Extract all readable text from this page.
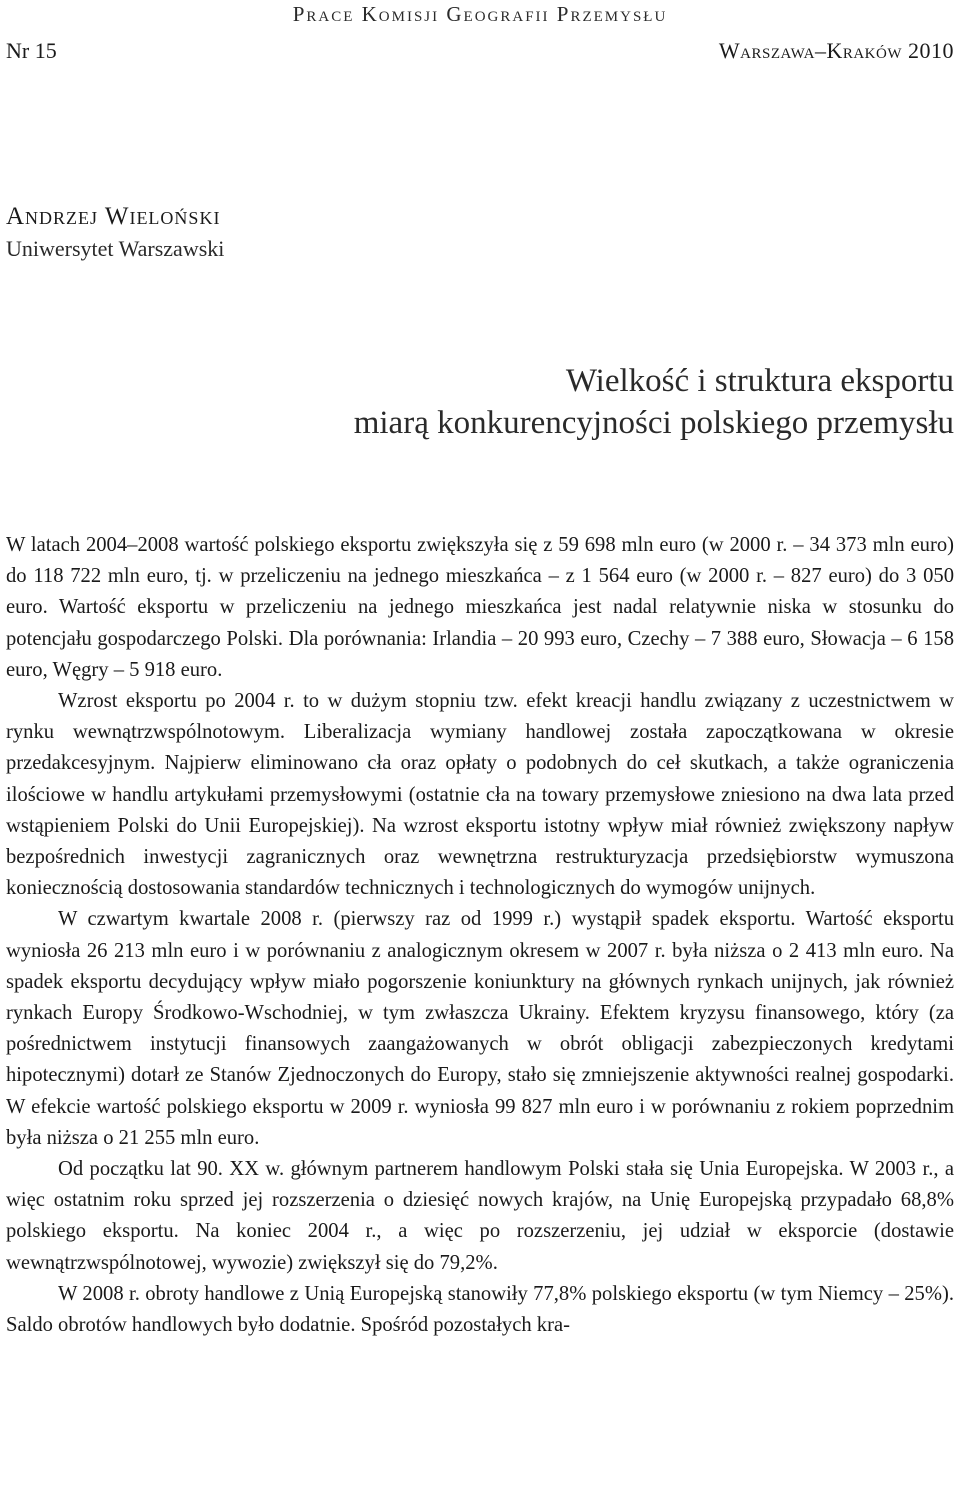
Prace Komisji Geografii Przemysłu
Nr 15	Warszawa–Kraków 2010
Andrzej Wieloński
Uniwersytet Warszawski
Wielkość i struktura eksportu
miarą konkurencyjności polskiego przemysłu

W latach 2004–2008 wartość polskiego eksportu zwiększyła się z 59 698 mln euro (w 2000 r. – 34 373 mln euro) do 118 722 mln euro, tj. w przeliczeniu na jednego mieszkańca – z 1 564 euro (w 2000 r. – 827 euro) do 3 050 euro. Wartość eksportu w przeliczeniu na jednego mieszkańca jest nadal relatywnie niska w stosunku do potencjału gospodarczego Polski. Dla porównania: Irlandia – 20 993 euro, Czechy – 7 388 euro, Słowacja – 6 158 euro, Węgry – 5 918 euro.

Wzrost eksportu po 2004 r. to w dużym stopniu tzw. efekt kreacji handlu związany z uczestnictwem w rynku wewnątrzwspólnotowym. Liberalizacja wymiany handlowej została zapoczątkowana w okresie przedakcesyjnym. Najpierw eliminowano cła oraz opłaty o podobnych do ceł skutkach, a także ograniczenia ilościowe w handlu artykułami przemysłowymi (ostatnie cła na towary przemysłowe zniesiono na dwa lata przed wstąpieniem Polski do Unii Europejskiej). Na wzrost eksportu istotny wpływ miał również zwiększony napływ bezpośrednich inwestycji zagranicznych oraz wewnętrzna restrukturyzacja przedsiębiorstw wymuszona koniecznością dostosowania standardów technicznych i technologicznych do wymogów unijnych.

W czwartym kwartale 2008 r. (pierwszy raz od 1999 r.) wystąpił spadek eksportu. Wartość eksportu wyniosła 26 213 mln euro i w porównaniu z analogicznym okresem w 2007 r. była niższa o 2 413 mln euro. Na spadek eksportu decydujący wpływ miało pogorszenie koniunktury na głównych rynkach unijnych, jak również rynkach Europy Środkowo-Wschodniej, w tym zwłaszcza Ukrainy. Efektem kryzysu finansowego, który (za pośrednictwem instytucji finansowych zaangażowanych w obrót obligacji zabezpieczonych kredytami hipotecznymi) dotarł ze Stanów Zjednoczonych do Europy, stało się zmniejszenie aktywności realnej gospodarki. W efekcie wartość polskiego eksportu w 2009 r. wyniosła 99 827 mln euro i w porównaniu z rokiem poprzednim była niższa o 21 255 mln euro.

Od początku lat 90. XX w. głównym partnerem handlowym Polski stała się Unia Europejska. W 2003 r., a więc ostatnim roku sprzed jej rozszerzenia o dziesięć nowych krajów, na Unię Europejską przypadało 68,8% polskiego eksportu. Na koniec 2004 r., a więc po rozszerzeniu, jej udział w eksporcie (dostawie wewnątrzwspólnotowej, wywozie) zwiększył się do 79,2%.

W 2008 r. obroty handlowe z Unią Europejską stanowiły 77,8% polskiego eksportu (w tym Niemcy – 25%). Saldo obrotów handlowych było dodatnie. Spośród pozostałych kra-
